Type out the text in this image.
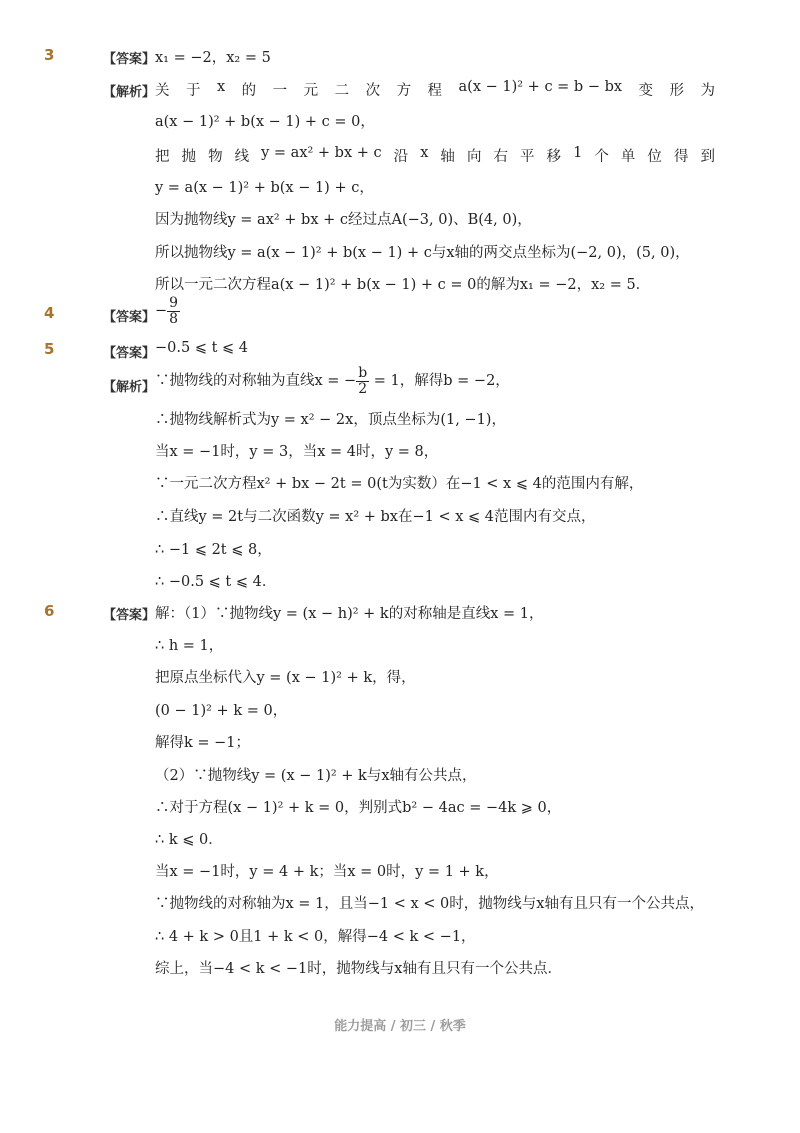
3	【答案】 x₁ = −2，x₂ = 5
【解析】 关 于 x 的 一 元 二 次 方 程 a(x − 1)² + c = b − bx 变 形 为
a(x − 1)² + b(x − 1) + c = 0，
把 抛 物 线 y = ax² + bx + c 沿 x 轴 向 右 平 移 1 个 单 位 得 到
y = a(x − 1)² + b(x − 1) + c，
因为抛物线y = ax² + bx + c经过点A(−3, 0)、B(4, 0)，
所以抛物线y = a(x − 1)² + b(x − 1) + c与x轴的两交点坐标为(−2, 0)，(5, 0)，
所以一元二次方程a(x − 1)² + b(x − 1) + c = 0的解为x₁ = −2，x₂ = 5．
4	【答案】 − $\frac{9}{8}$
5	【答案】 −0.5 ⩽ t ⩽ 4
【解析】 ∵抛物线的对称轴为直线x = − $\frac{b}{2} = 1$，解得b = −2，
∴抛物线解析式为y = x² − 2x，顶点坐标为(1, −1)，
当x = −1时，y = 3，当x = 4时，y = 8，
∵一元二次方程x² + bx − 2t = 0(t为实数）在−1 < x ⩽ 4的范围内有解，
∴直线y = 2t与二次函数y = x² + bx在−1 < x ⩽ 4范围内有交点，
∴ −1 ⩽ 2t ⩽ 8，
∴ −0.5 ⩽ t ⩽ 4．
6	【答案】 解：（1）∵抛物线y = (x − h)² + k的对称轴是直线x = 1，
∴ h = 1，
把原点坐标代入y = (x − 1)² + k，得，
(0 − 1)² + k = 0，
解得k = −1；
（2）∵抛物线y = (x − 1)² + k与x轴有公共点，
∴对于方程(x − 1)² + k = 0，判别式b² − 4ac = −4k ⩾ 0，
∴ k ⩽ 0．
当x = −1时，y = 4 + k；当x = 0时，y = 1 + k，
∵抛物线的对称轴为x = 1，且当−1 < x < 0时，抛物线与x轴有且只有一个公共点，
∴ 4 + k > 0且1 + k < 0，解得−4 < k < −1，
综上，当−4 < k < −1时，抛物线与x轴有且只有一个公共点．
能力提高 / 初三 / 秋季
